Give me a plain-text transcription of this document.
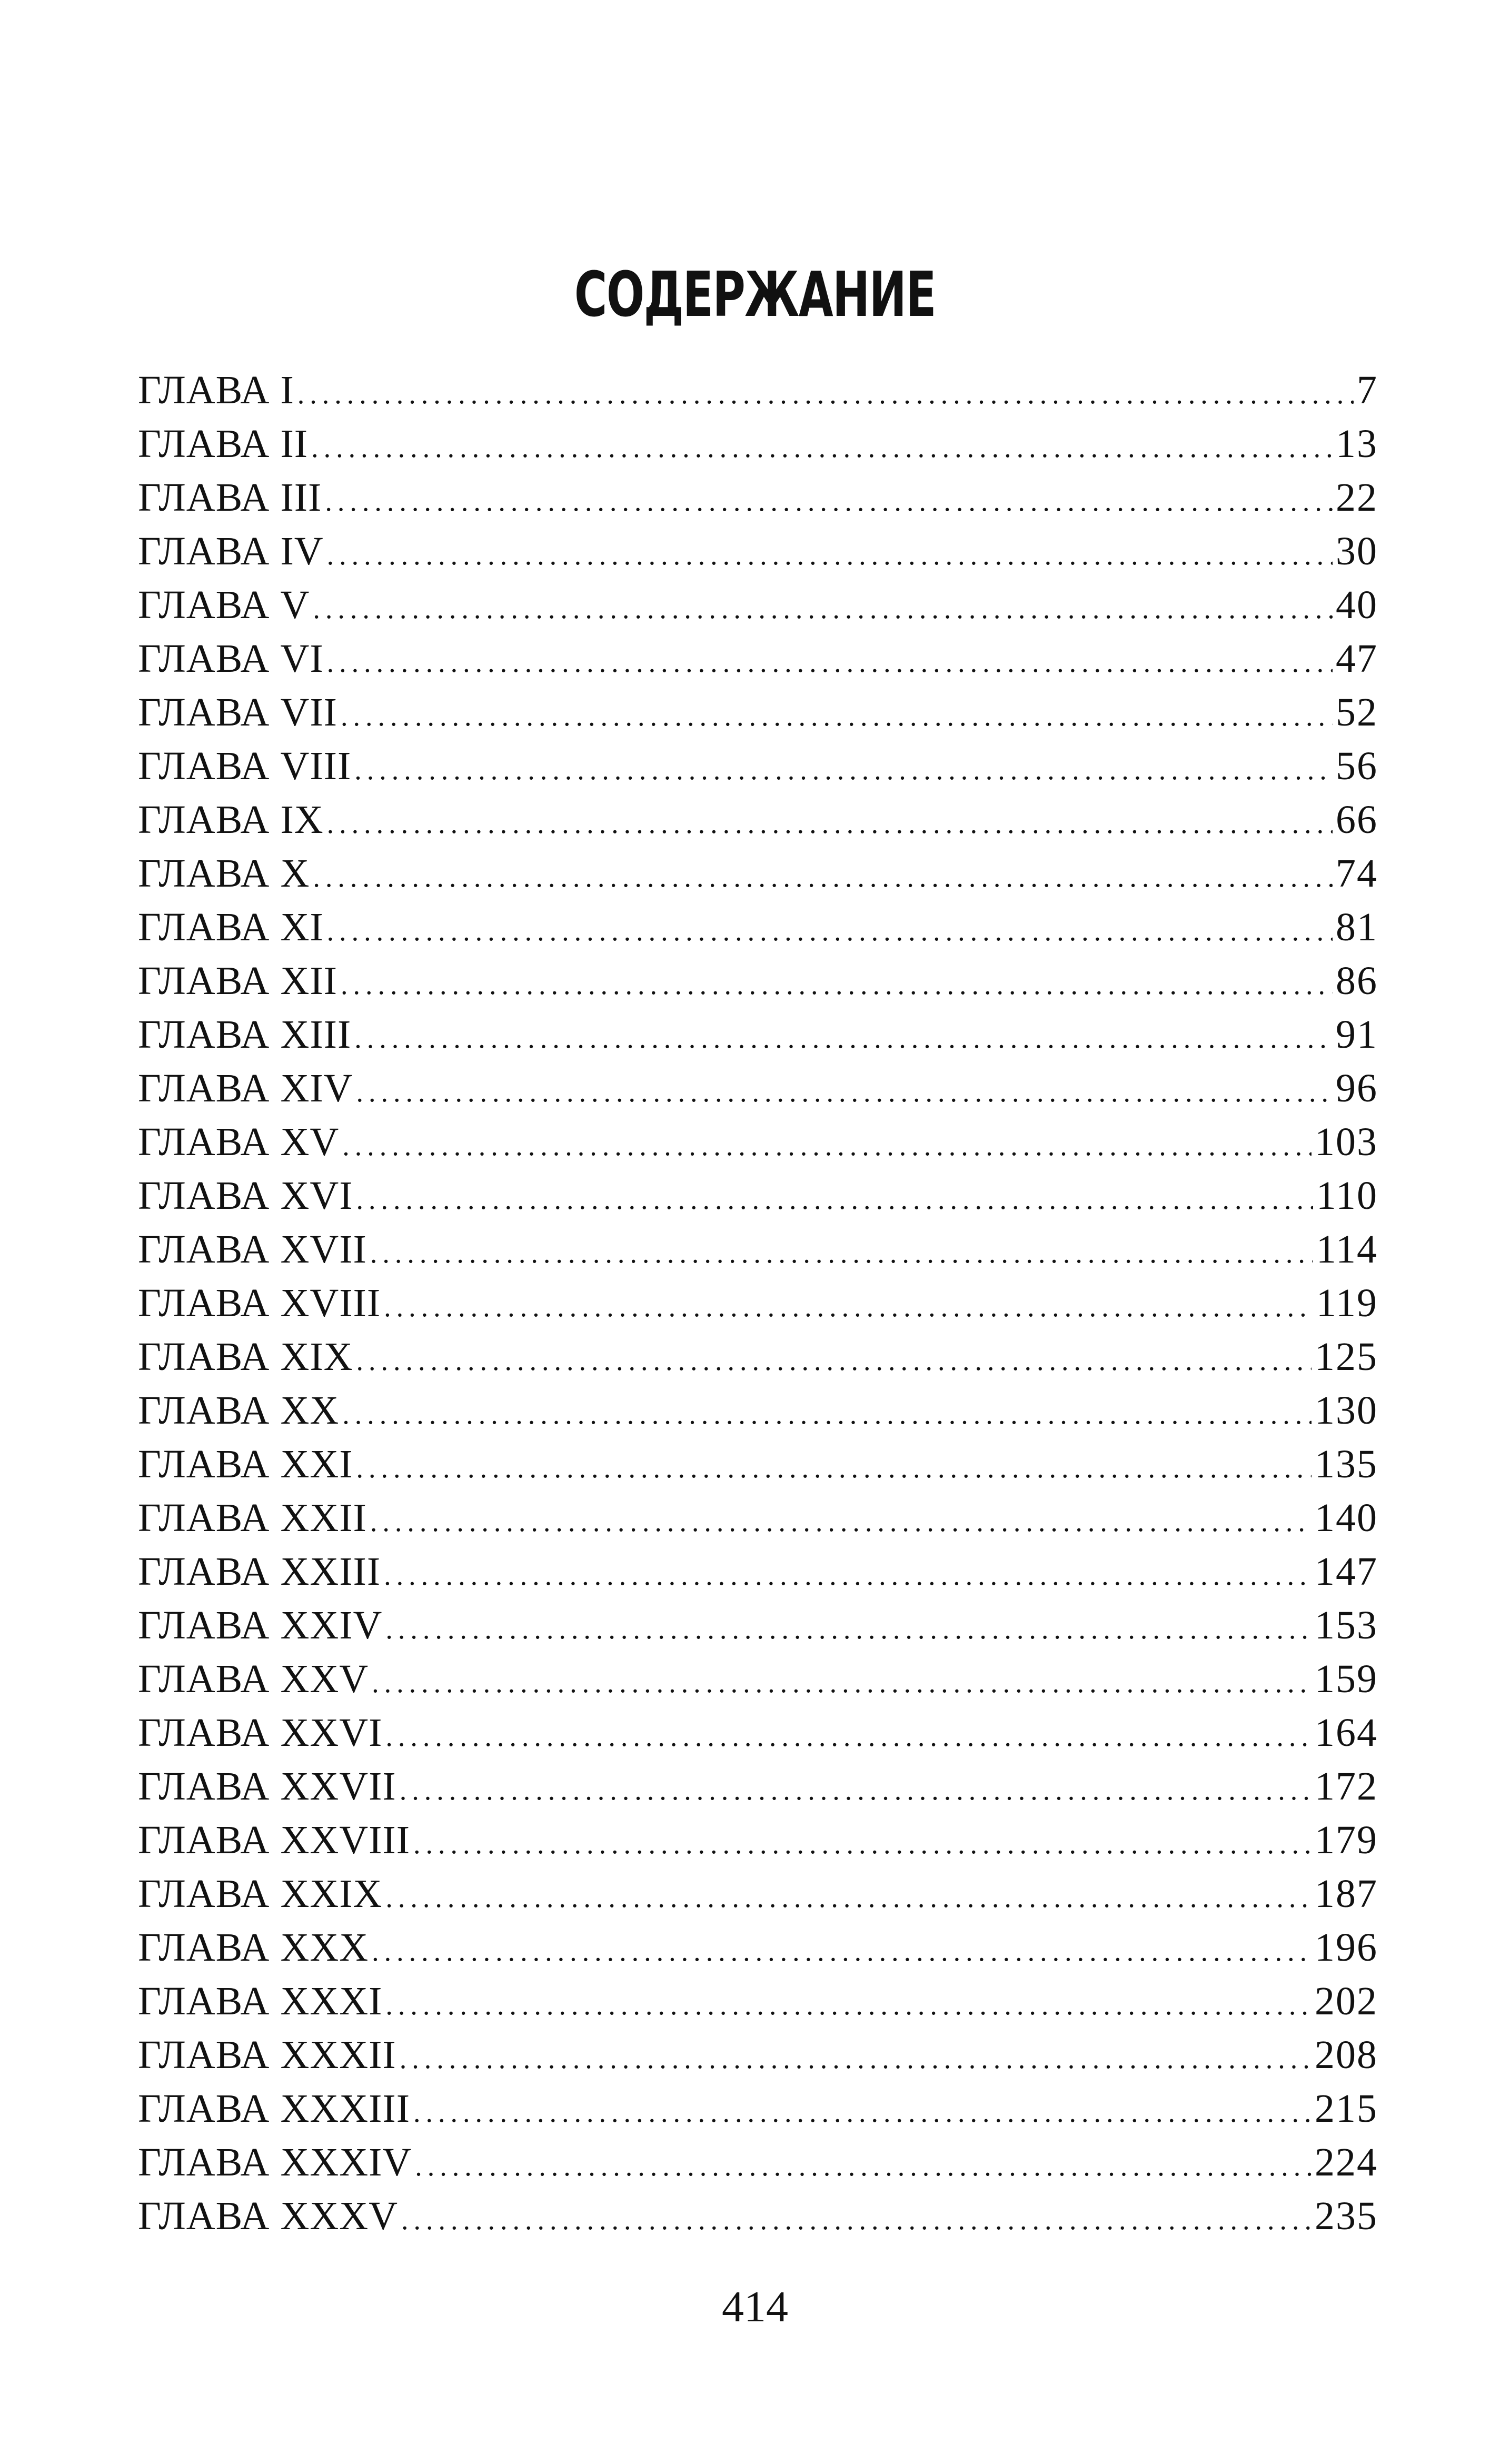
СОДЕРЖАНИЕ
ГЛАВА I .....	7
ГЛАВА II .....	13
ГЛАВА III .....	22
ГЛАВА IV .....	30
ГЛАВА V .....	40
ГЛАВА VI .....	47
ГЛАВА VII .....	52
ГЛАВА VIII .....	56
ГЛАВА IX .....	66
ГЛАВА X .....	74
ГЛАВА XI .....	81
ГЛАВА XII .....	86
ГЛАВА XIII .....	91
ГЛАВА XIV .....	96
ГЛАВА XV .....	103
ГЛАВА XVI .....	110
ГЛАВА XVII .....	114
ГЛАВА XVIII .....	119
ГЛАВА XIX .....	125
ГЛАВА XX .....	130
ГЛАВА XXI .....	135
ГЛАВА XXII .....	140
ГЛАВА XXIII .....	147
ГЛАВА XXIV .....	153
ГЛАВА XXV .....	159
ГЛАВА XXVI .....	164
ГЛАВА XXVII .....	172
ГЛАВА XXVIII .....	179
ГЛАВА XXIX .....	187
ГЛАВА XXX .....	196
ГЛАВА XXXI .....	202
ГЛАВА XXXII .....	208
ГЛАВА XXXIII .....	215
ГЛАВА XXXIV .....	224
ГЛАВА XXXV .....	235
414
